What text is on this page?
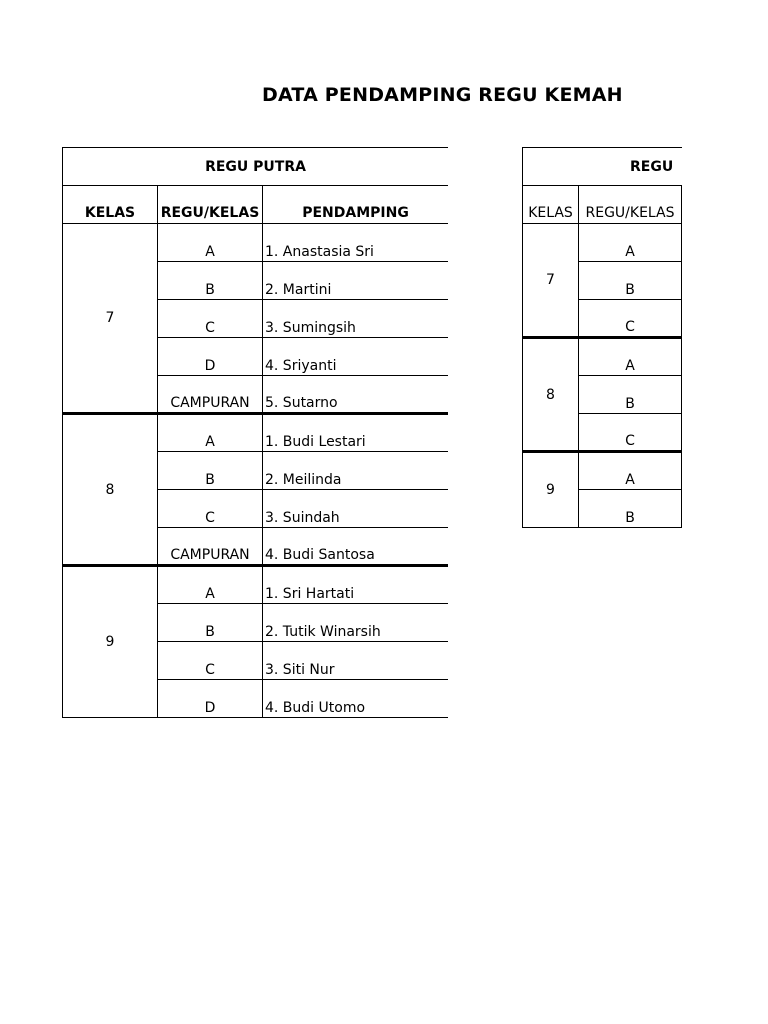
DATA PENDAMPING REGU KEMAH
REGU PUTRA		
KELAS	REGU/KELAS	PENDAMPING
7	A	1. Anastasia Sri
	B	2. Martini
	C	3. Sumingsih
	D	4. Sriyanti
	CAMPURAN	5. Sutarno
8	A	1. Budi Lestari
	B	2. Meilinda
	C	3. Suindah
	CAMPURAN	4. Budi Santosa
9	A	1. Sri Hartati
	B	2. Tutik Winarsih
	C	3. Siti Nur
	D	4. Budi Utomo
REGU		
KELAS	REGU/KELAS	
7	A	
	B	
	C	
8	A	
	B	
	C	
9	A	
	B	
